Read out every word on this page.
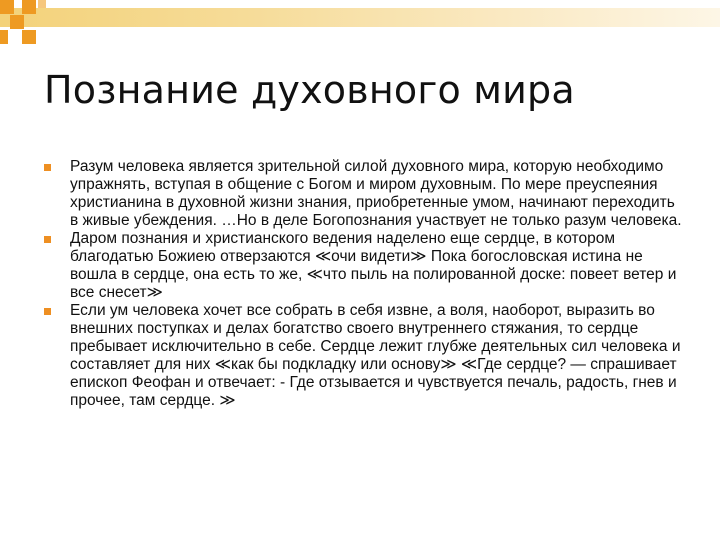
Познание духовного мира
Разум человека является зрительной силой духовного мира, которую необходимо упражнять, вступая в общение с Богом и миром духовным. По мере преуспеяния христианина в духовной жизни знания, приобретенные умом, начинают переходить в живые убеждения. …Но в деле Богопознания участвует не только разум человека.
Даром познания и христианского ведения наделено еще сердце, в котором благодатью Божиею отверзаются ≪очи видети≫ Пока богословская истина не вошла в сердце, она есть то же, ≪что пыль на полированной доске: повеет ветер и все снесет≫
Если ум человека хочет все собрать в себя извне, а воля, наоборот, выразить во внешних поступках и делах богатство своего внутреннего стяжания, то сердце пребывает исключительно в себе. Сердце лежит глубже деятельных сил человека и составляет для них ≪как бы подкладку или основу≫ ≪Где сердце? — спрашивает епископ Феофан и отвечает: - Где отзывается и чувствуется печаль, радость, гнев и прочее, там сердце. ≫
